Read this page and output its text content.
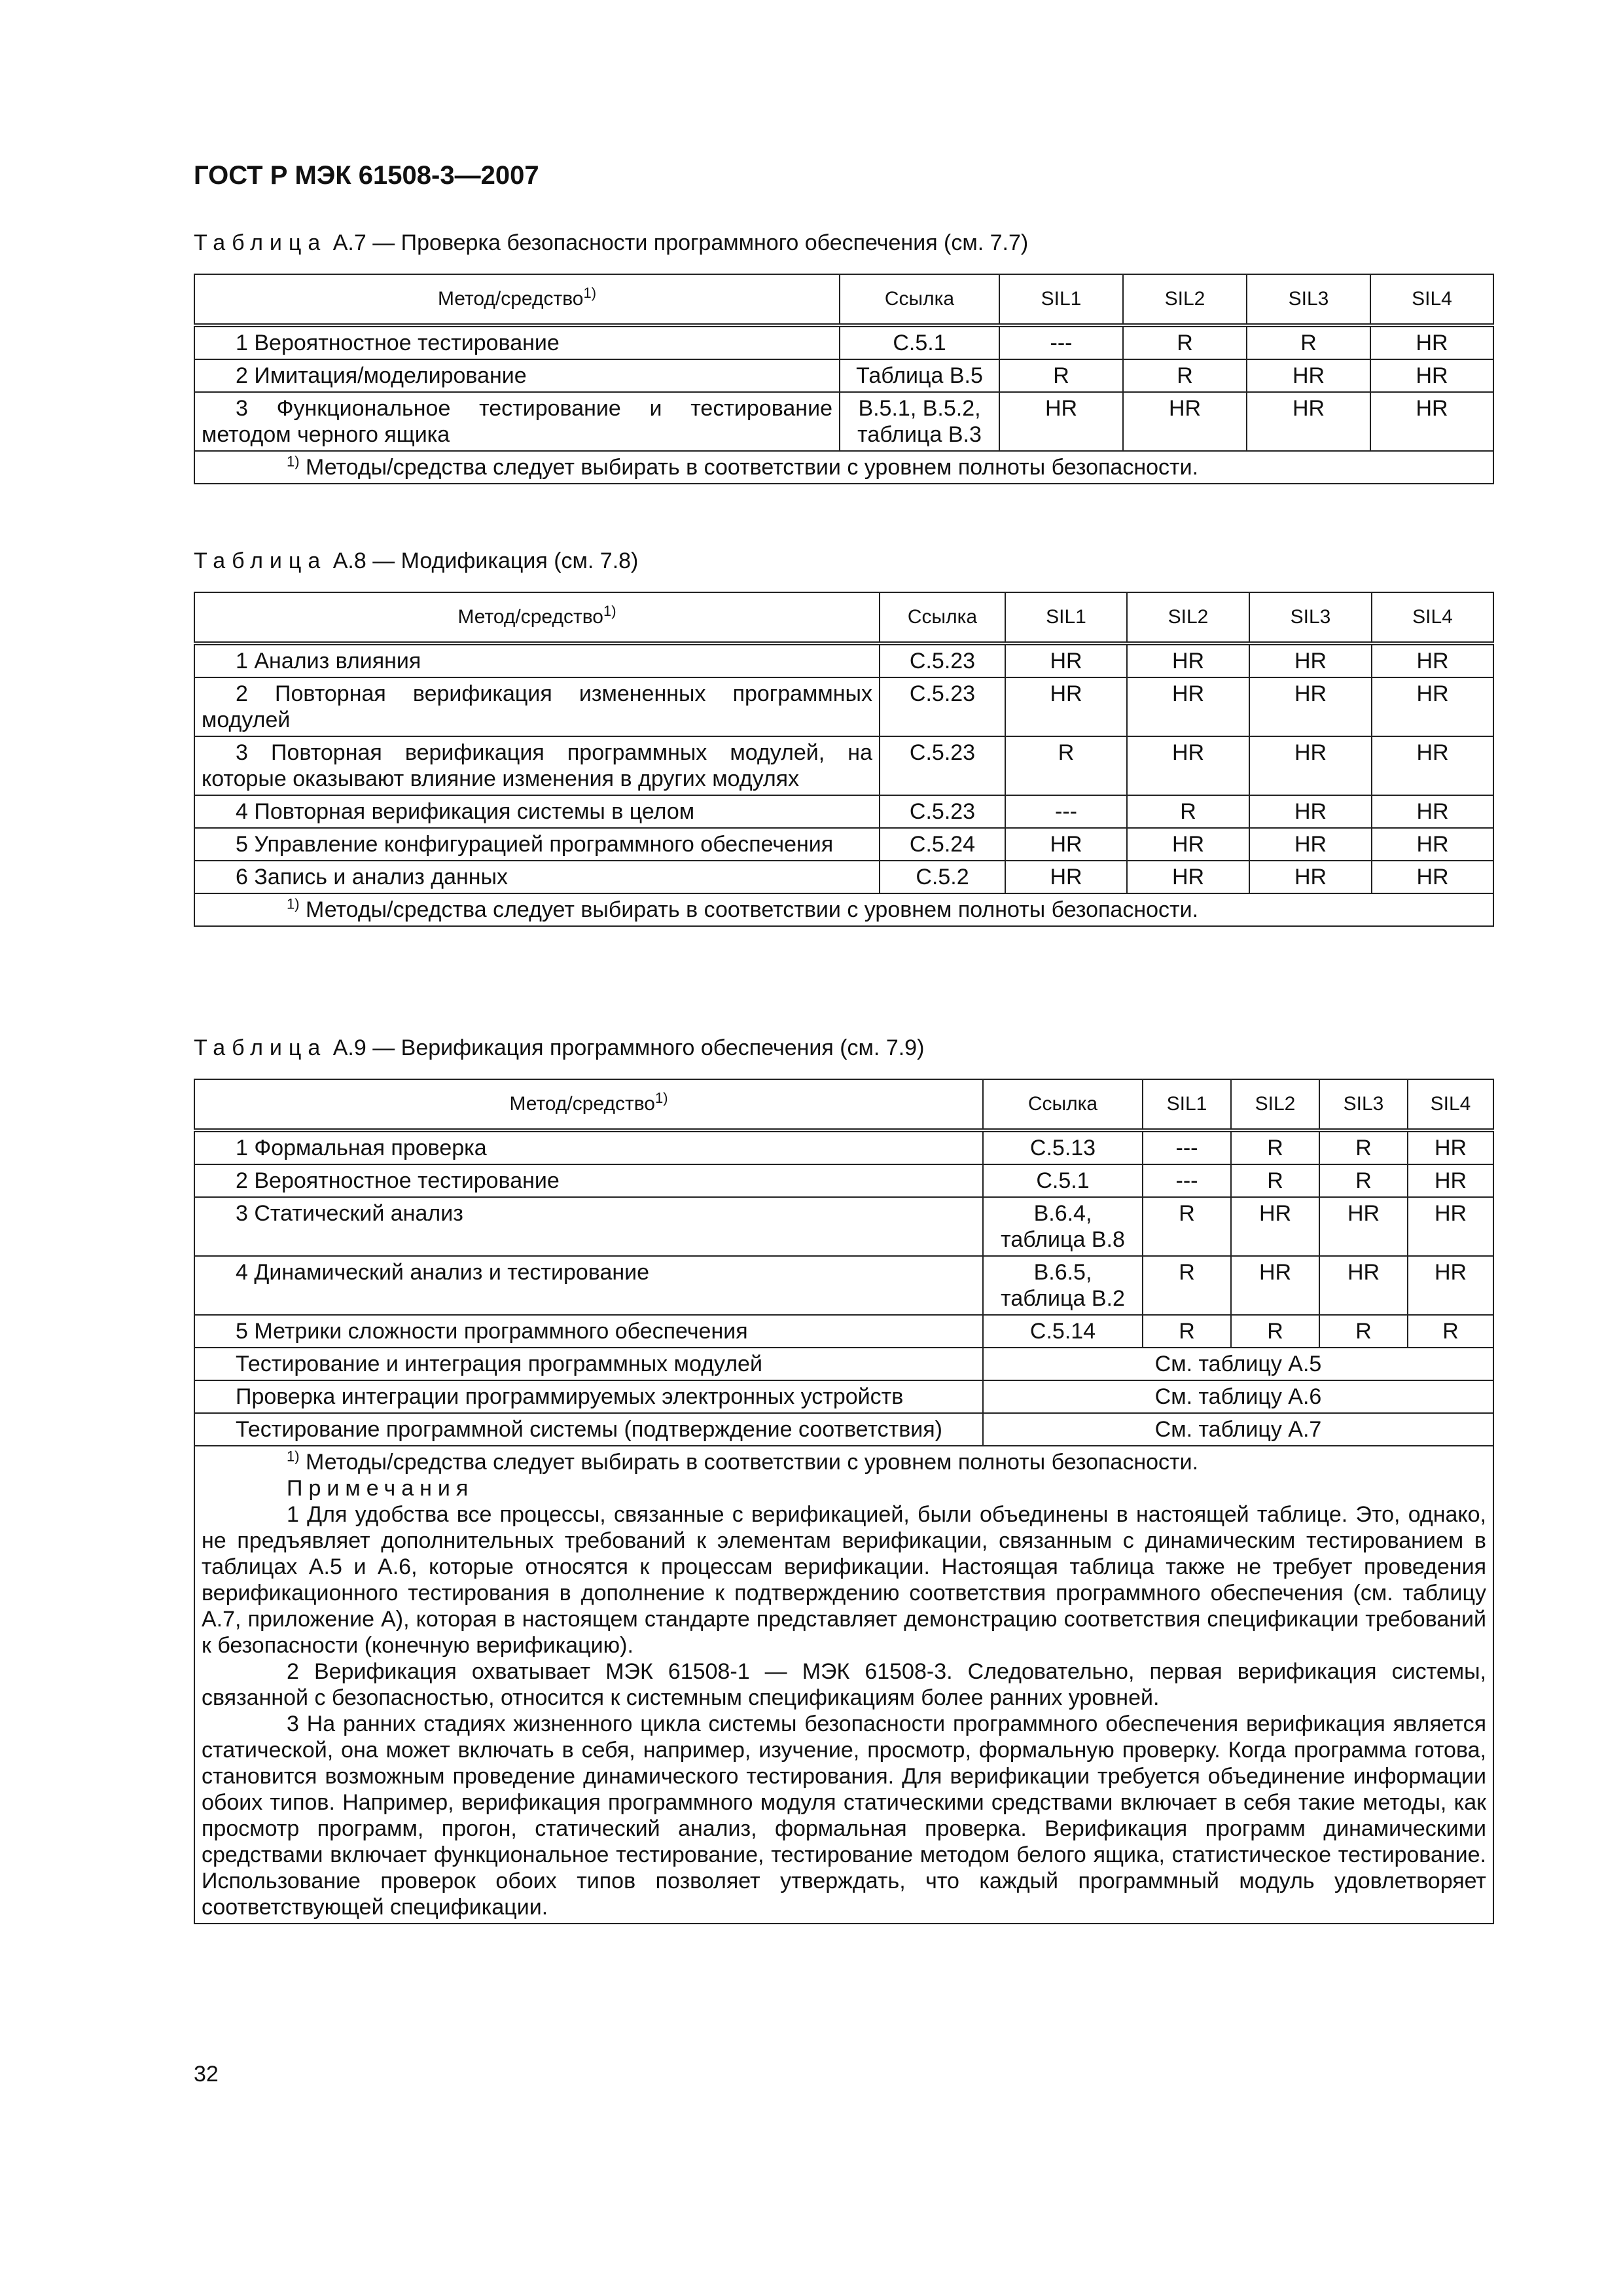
ГОСТ Р МЭК 61508-3—2007

Таблица А.7 — Проверка безопасности программного обеспечения (см. 7.7)

Метод/средство$^{1)}$	Ссылка	SIL1	SIL2	SIL3	SIL4
1 Вероятностное тестирование	С.5.1	---	R	R	HR
2 Имитация/моделирование	Таблица В.5	R	R	HR	HR
3 Функциональное тестирование и тестирование методом черного ящика	В.5.1, В.5.2, таблица В.3	HR	HR	HR	HR

$^{1)}$ Методы/средства следует выбирать в соответствии с уровнем полноты безопасности.					

Таблица А.8 — Модификация (см. 7.8)

Метод/средство$^{1)}$	Ссылка	SIL1	SIL2	SIL3	SIL4
1 Анализ влияния	С.5.23	HR	HR	HR	HR
2 Повторная верификация измененных программных модулей	С.5.23	HR	HR	HR	HR
3 Повторная верификация программных модулей, на которые оказывают влияние изменения в других модулях	С.5.23	R	HR	HR	HR
4 Повторная верификация системы в целом	С.5.23	---	R	HR	HR
5 Управление конфигурацией программного обеспечения	С.5.24	HR	HR	HR	HR
6 Запись и анализ данных	С.5.2	HR	HR	HR	HR

$^{1)}$ Методы/средства следует выбирать в соответствии с уровнем полноты безопасности.					

Таблица А.9 — Верификация программного обеспечения (см. 7.9)

Метод/средство$^{1)}$	Ссылка	SIL1	SIL2	SIL3	SIL4
1 Формальная проверка	С.5.13	---	R	R	HR
2 Вероятностное тестирование	С.5.1	---	R	R	HR
3 Статический анализ	В.6.4, таблица В.8	R	HR	HR	HR
4 Динамический анализ и тестирование	В.6.5, таблица В.2	R	HR	HR	HR
5 Метрики сложности программного обеспечения	С.5.14	R	R	R	R
Тестирование и интеграция программных модулей	См. таблицу А.5				
Проверка интеграции программируемых электронных устройств	См. таблицу А.6				
Тестирование программной системы (подтверждение соответствия)	См. таблицу А.7				

$^{1)}$ Методы/средства следует выбирать в соответствии с уровнем полноты безопасности.

Примечания

1 Для удобства все процессы, связанные с верификацией, были объединены в настоящей таблице. Это, однако, не предъявляет дополнительных требований к элементам верификации, связанным с динамическим тестированием в таблицах А.5 и А.6, которые относятся к процессам верификации. Настоящая таблица также не требует проведения верификационного тестирования в дополнение к подтверждению соответствия программного обеспечения (см. таблицу А.7, приложение А), которая в настоящем стандарте представляет демонстрацию соответствия спецификации требований к безопасности (конечную верификацию).

2 Верификация охватывает МЭК 61508-1 — МЭК 61508-3. Следовательно, первая верификация системы, связанной с безопасностью, относится к системным спецификациям более ранних уровней.

3 На ранних стадиях жизненного цикла системы безопасности программного обеспечения верификация является статической, она может включать в себя, например, изучение, просмотр, формальную проверку. Когда программа готова, становится возможным проведение динамического тестирования. Для верификации требуется объединение информации обоих типов. Например, верификация программного модуля статическими средствами включает в себя такие методы, как просмотр программ, прогон, статический анализ, формальная проверка. Верификация программ динамическими средствами включает функциональное тестирование, тестирование методом белого ящика, статистическое тестирование. Использование проверок обоих типов позволяет утверждать, что каждый программный модуль удовлетворяет соответствующей спецификации.					

32
